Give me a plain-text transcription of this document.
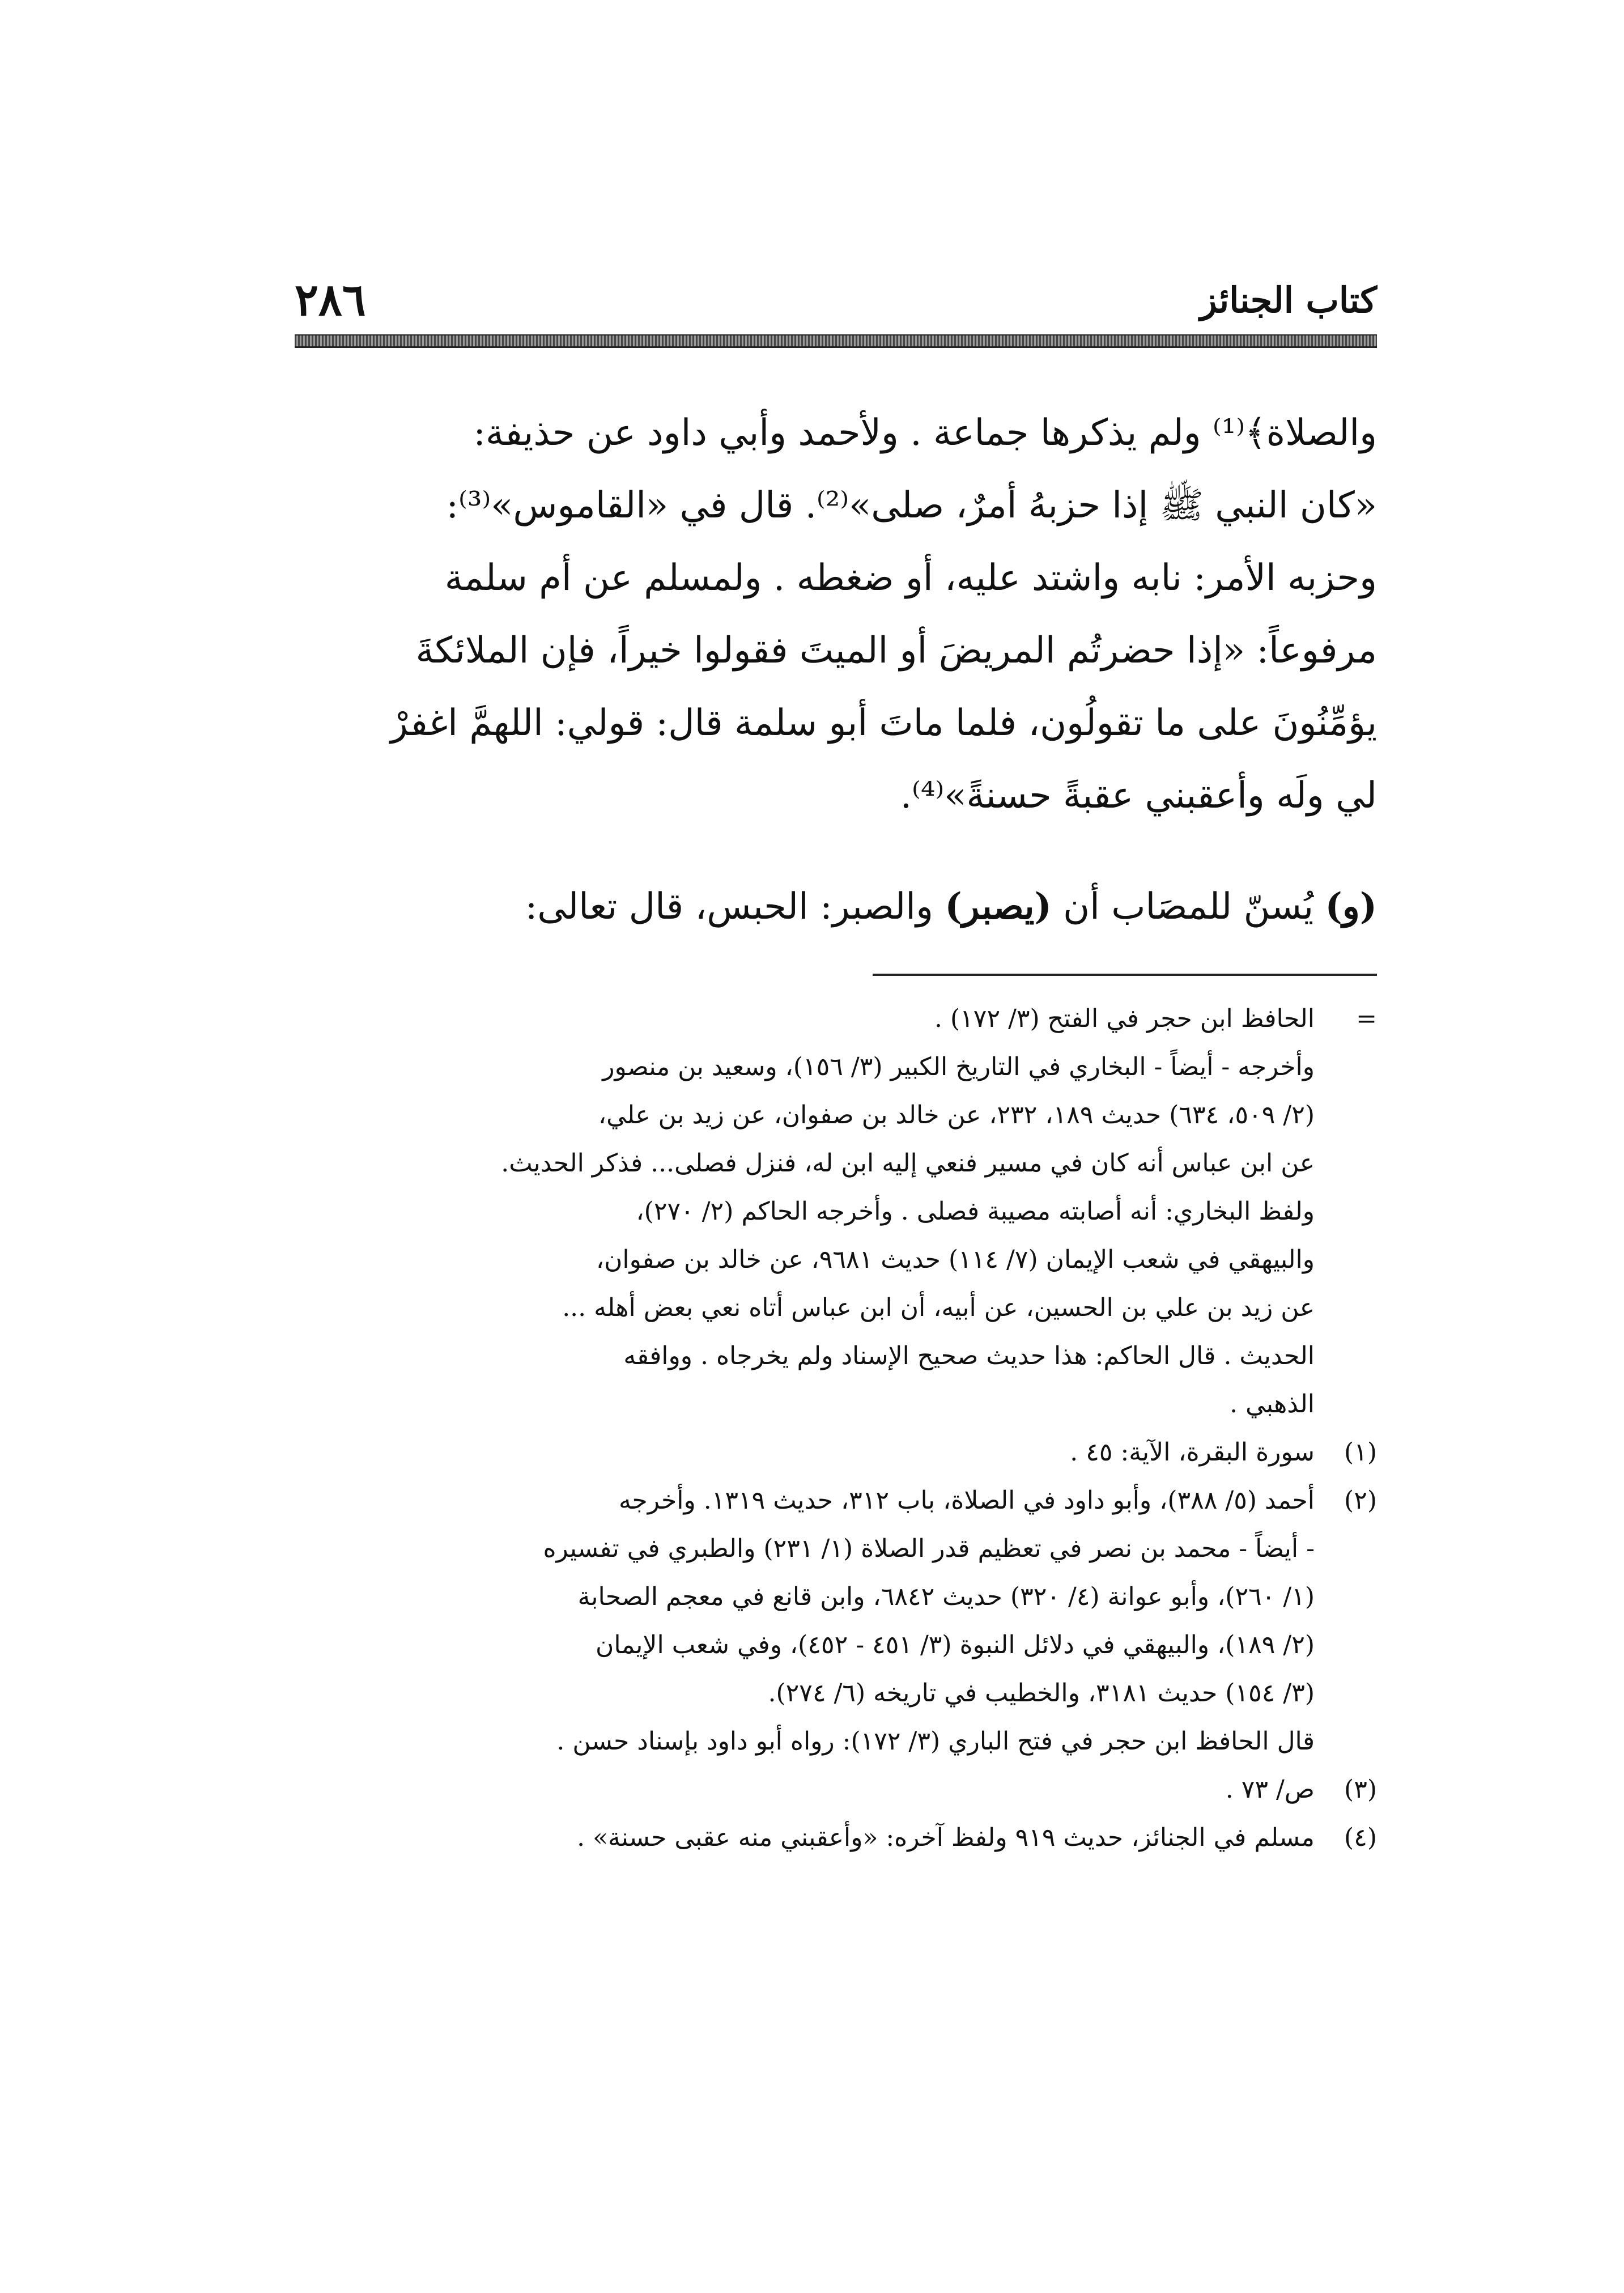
٢٨٦	كتاب الجنائز

والصلاة﴾⁽¹⁾ ولم يذكرها جماعة . ولأحمد وأبي داود عن حذيفة:

«كان النبي ﷺ إذا حزبهُ أمرٌ، صلى»⁽²⁾. قال في «القاموس»⁽³⁾:

وحزبه الأمر: نابه واشتد عليه، أو ضغطه . ولمسلم عن أم سلمة

مرفوعاً: «إذا حضرتُم المريضَ أو الميتَ فقولوا خيراً، فإن الملائكةَ

يؤمِّنُونَ على ما تقولُون، فلما ماتَ أبو سلمة قال: قولي: اللهمَّ اغفرْ

لي ولَه وأعقبني عقبةً حسنةً»⁽⁴⁾.

(و) يُسنّ للمصَاب أن (يصبر) والصبر: الحبس، قال تعالى:
=
الحافظ ابن حجر في الفتح (٣/ ١٧٢) .
وأخرجه - أيضاً - البخاري في التاريخ الكبير (٣/ ١٥٦)، وسعيد بن منصور
(٢/ ٥٠٩، ٦٣٤) حديث ١٨٩، ٢٣٢، عن خالد بن صفوان، عن زيد بن علي،
عن ابن عباس أنه كان في مسير فنعي إليه ابن له، فنزل فصلى... فذكر الحديث.
ولفظ البخاري: أنه أصابته مصيبة فصلى . وأخرجه الحاكم (٢/ ٢٧٠)،
والبيهقي في شعب الإيمان (٧/ ١١٤) حديث ٩٦٨١، عن خالد بن صفوان،
عن زيد بن علي بن الحسين، عن أبيه، أن ابن عباس أتاه نعي بعض أهله ...
الحديث . قال الحاكم: هذا حديث صحيح الإسناد ولم يخرجاه . ووافقه
الذهبي .
(١)
سورة البقرة، الآية: ٤٥ .
(٢)
أحمد (٥/ ٣٨٨)، وأبو داود في الصلاة، باب ٣١٢، حديث ١٣١٩. وأخرجه
- أيضاً - محمد بن نصر في تعظيم قدر الصلاة (١/ ٢٣١) والطبري في تفسيره
(١/ ٢٦٠)، وأبو عوانة (٤/ ٣٢٠) حديث ٦٨٤٢، وابن قانع في معجم الصحابة
(٢/ ١٨٩)، والبيهقي في دلائل النبوة (٣/ ٤٥١ - ٤٥٢)، وفي شعب الإيمان
(٣/ ١٥٤) حديث ٣١٨١، والخطيب في تاريخه (٦/ ٢٧٤).
قال الحافظ ابن حجر في فتح الباري (٣/ ١٧٢): رواه أبو داود بإسناد حسن .
(٣)
ص/ ٧٣ .
(٤)
مسلم في الجنائز، حديث ٩١٩ ولفظ آخره: «وأعقبني منه عقبى حسنة» .
